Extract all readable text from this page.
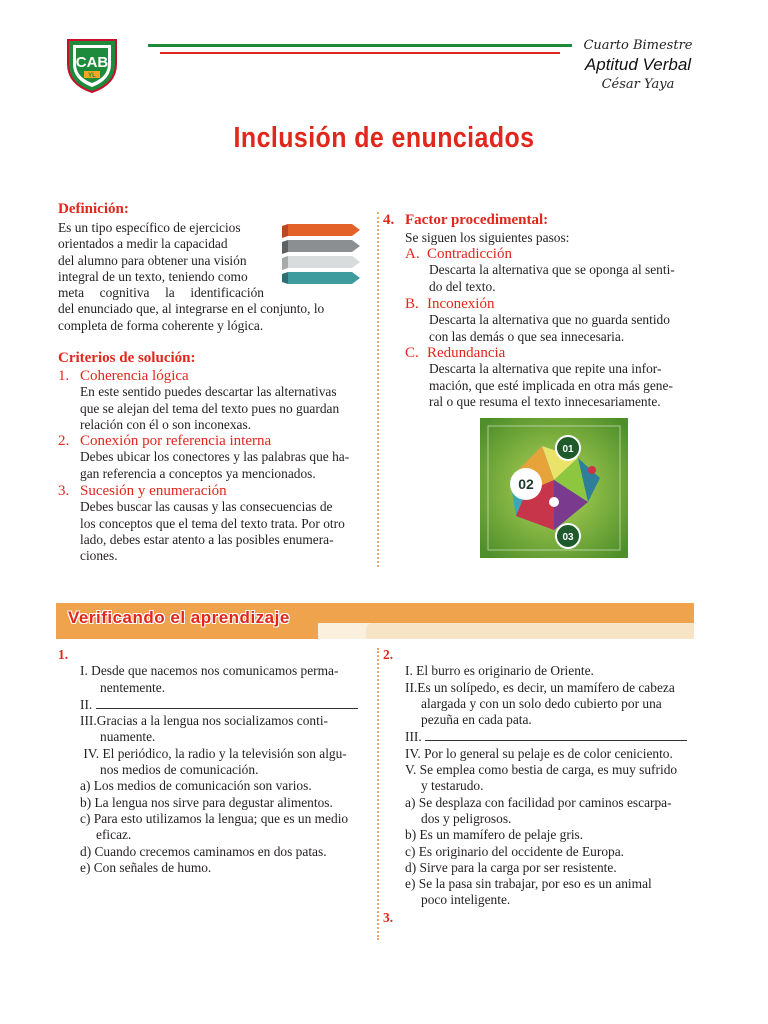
CAB
YL
Cuarto Bimestre
Aptitud Verbal
César Yaya
Inclusión de enunciados
Definición:
Es un tipo específico de ejercicios
orientados a medir la capacidad
del alumno para obtener una visión
integral de un texto, teniendo como
meta cognitiva la identificación
del enunciado que, al integrarse en el conjunto, lo
completa de forma coherente y lógica.
Criterios de solución:
1. Coherencia lógica
En este sentido puedes descartar las alternativas
que se alejan del tema del texto pues no guardan
relación con él o son inconexas.
2. Conexión por referencia interna
Debes ubicar los conectores y las palabras que ha-
gan referencia a conceptos ya mencionados.
3. Sucesión y enumeración
Debes buscar las causas y las consecuencias de
los conceptos que el tema del texto trata. Por otro
lado, debes estar atento a las posibles enumera-
ciones.
4. Factor procedimental:
Se siguen los siguientes pasos:
A. Contradicción
Descarta la alternativa que se oponga al senti-
do del texto.
B. Inconexión
Descarta la alternativa que no guarda sentido
con las demás o que sea innecesaria.
C. Redundancia
Descarta la alternativa que repite una infor-
mación, que esté implicada en otra más gene-
ral o que resuma el texto innecesariamente.
01
02
03
Verificando el aprendizaje
1.
I. Desde que nacemos nos comunicamos perma-
nentemente.
II.
III.Gracias a la lengua nos socializamos conti-
nuamente.
IV. El periódico, la radio y la televisión son algu-
nos medios de comunicación.
a) Los medios de comunicación son varios.
b) La lengua nos sirve para degustar alimentos.
c) Para esto utilizamos la lengua; que es un medio
eficaz.
d) Cuando crecemos caminamos en dos patas.
e) Con señales de humo.
2.
I. El burro es originario de Oriente.
II.Es un solípedo, es decir, un mamífero de cabeza
alargada y con un solo dedo cubierto por una
pezuña en cada pata.
III.
IV. Por lo general su pelaje es de color ceniciento.
V. Se emplea como bestia de carga, es muy sufrido
y testarudo.
a) Se desplaza con facilidad por caminos escarpa-
dos y peligrosos.
b) Es un mamífero de pelaje gris.
c) Es originario del occidente de Europa.
d) Sirve para la carga por ser resistente.
e) Se la pasa sin trabajar, por eso es un animal
poco inteligente.
3.
